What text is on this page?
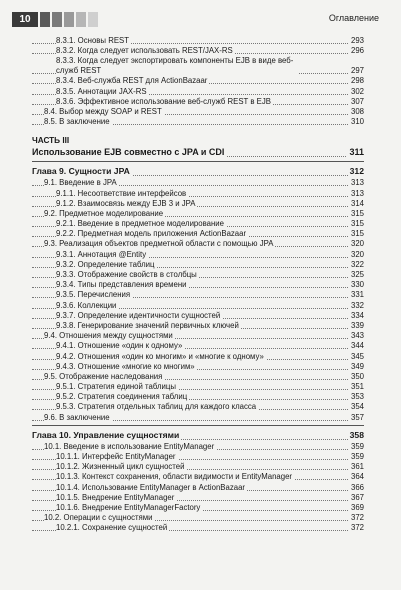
10	Оглавление
8.3.1. Основы REST	293
8.3.2. Когда следует использовать REST/JAX-RS	296
8.3.3. Когда следует экспортировать компоненты EJB в виде веб-служб REST	297
8.3.4. Веб-служба REST для ActionBazaar	298
8.3.5. Аннотации JAX-RS	302
8.3.6. Эффективное использование веб-служб REST в EJB	307
8.4. Выбор между SOAP и REST	308
8.5. В заключение	310
ЧАСТЬ III
Использование EJB совместно с JPA и CDI	311
Глава 9. Сущности JPA	312
9.1. Введение в JPA	313
9.1.1. Несоответствие интерфейсов	313
9.1.2. Взаимосвязь между EJB 3 и JPA	314
9.2. Предметное моделирование	315
9.2.1. Введение в предметное моделирование	315
9.2.2. Предметная модель приложения ActionBazaar	315
9.3. Реализация объектов предметной области с помощью JPA	320
9.3.1. Аннотация @Entity	320
9.3.2. Определение таблиц	322
9.3.3. Отображение свойств в столбцы	325
9.3.4. Типы представления времени	330
9.3.5. Перечисления	331
9.3.6. Коллекции	332
9.3.7. Определение идентичности сущностей	334
9.3.8. Генерирование значений первичных ключей	339
9.4. Отношения между сущностями	343
9.4.1. Отношение «один к одному»	344
9.4.2. Отношения «один ко многим» и «многие к одному»	345
9.4.3. Отношение «многие ко многим»	349
9.5. Отображение наследования	350
9.5.1. Стратегия единой таблицы	351
9.5.2. Стратегия соединения таблиц	353
9.5.3. Стратегия отдельных таблиц для каждого класса	354
9.6. В заключение	357
Глава 10. Управление сущностями	358
10.1. Введение в использование EntityManager	359
10.1.1. Интерфейс EntityManager	359
10.1.2. Жизненный цикл сущностей	361
10.1.3. Контекст сохранения, области видимости и EntityManager	364
10.1.4. Использование EntityManager в ActionBazaar	366
10.1.5. Внедрение EntityManager	367
10.1.6. Внедрение EntityManagerFactory	369
10.2. Операции с сущностями	372
10.2.1. Сохранение сущностей	372
